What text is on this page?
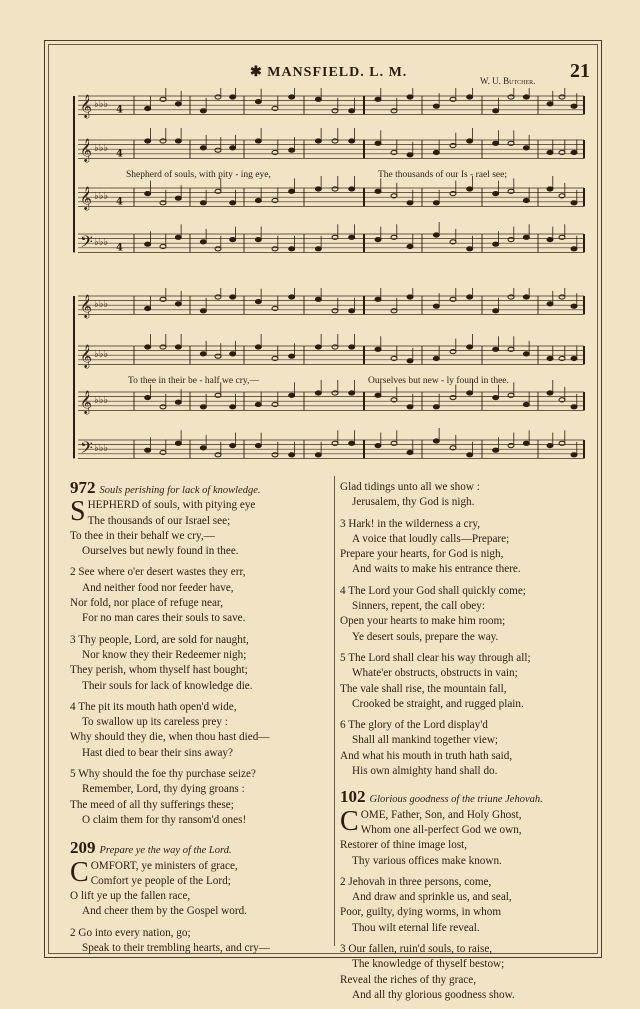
✱ MANSFIELD. L. M.
W. U. Butcher. 21
𝄞 ♭♭♭
4
𝄞 ♭♭♭
4
𝄞 ♭♭♭
4
𝄢 ♭♭♭
4
Shepherd of souls, with pity - ing eye,	The thousands of our Is - rael see;
𝄞 ♭♭♭
𝄞 ♭♭♭
𝄞 ♭♭♭
𝄢 ♭♭♭
To thee in their be - half we cry,—	Ourselves but new - ly found in thee.

972 Souls perishing for lack of knowledge.

S HEPHERD of souls, with pitying eye

The thousands of our Israel see;

To thee in their behalf we cry,—

Ourselves but newly found in thee.

2 See where o'er desert wastes they err,

And neither food nor feeder have,

Nor fold, nor place of refuge near,

For no man cares their souls to save.

3 Thy people, Lord, are sold for naught,

Nor know they their Redeemer nigh;

They perish, whom thyself hast bought;

Their souls for lack of knowledge die.

4 The pit its mouth hath open'd wide,

To swallow up its careless prey :

Why should they die, when thou hast died—

Hast died to bear their sins away?

5 Why should the foe thy purchase seize?

Remember, Lord, thy dying groans :

The meed of all thy sufferings these;

O claim them for thy ransom'd ones!

209 Prepare ye the way of the Lord.

C OMFORT, ye ministers of grace,

Comfort ye people of the Lord;

O lift ye up the fallen race,

And cheer them by the Gospel word.

2 Go into every nation, go;

Speak to their trembling hearts, and cry—

Glad tidings unto all we show :

Jerusalem, thy God is nigh.

3 Hark! in the wilderness a cry,

A voice that loudly calls—Prepare;

Prepare your hearts, for God is nigh,

And waits to make his entrance there.

4 The Lord your God shall quickly come;

Sinners, repent, the call obey:

Open your hearts to make him room;

Ye desert souls, prepare the way.

5 The Lord shall clear his way through all;

Whate'er obstructs, obstructs in vain;

The vale shall rise, the mountain fall,

Crooked be straight, and rugged plain.

6 The glory of the Lord display'd

Shall all mankind together view;

And what his mouth in truth hath said,

His own almighty hand shall do.

102 Glorious goodness of the triune Jehovah.

C OME, Father, Son, and Holy Ghost,

Whom one all-perfect God we own,

Restorer of thine image lost,

Thy various offices make known.

2 Jehovah in three persons, come,

And draw and sprinkle us, and seal,

Poor, guilty, dying worms, in whom

Thou wilt eternal life reveal.

3 Our fallen, ruin'd souls, to raise,

The knowledge of thyself bestow;

Reveal the riches of thy grace,

And all thy glorious goodness show.
